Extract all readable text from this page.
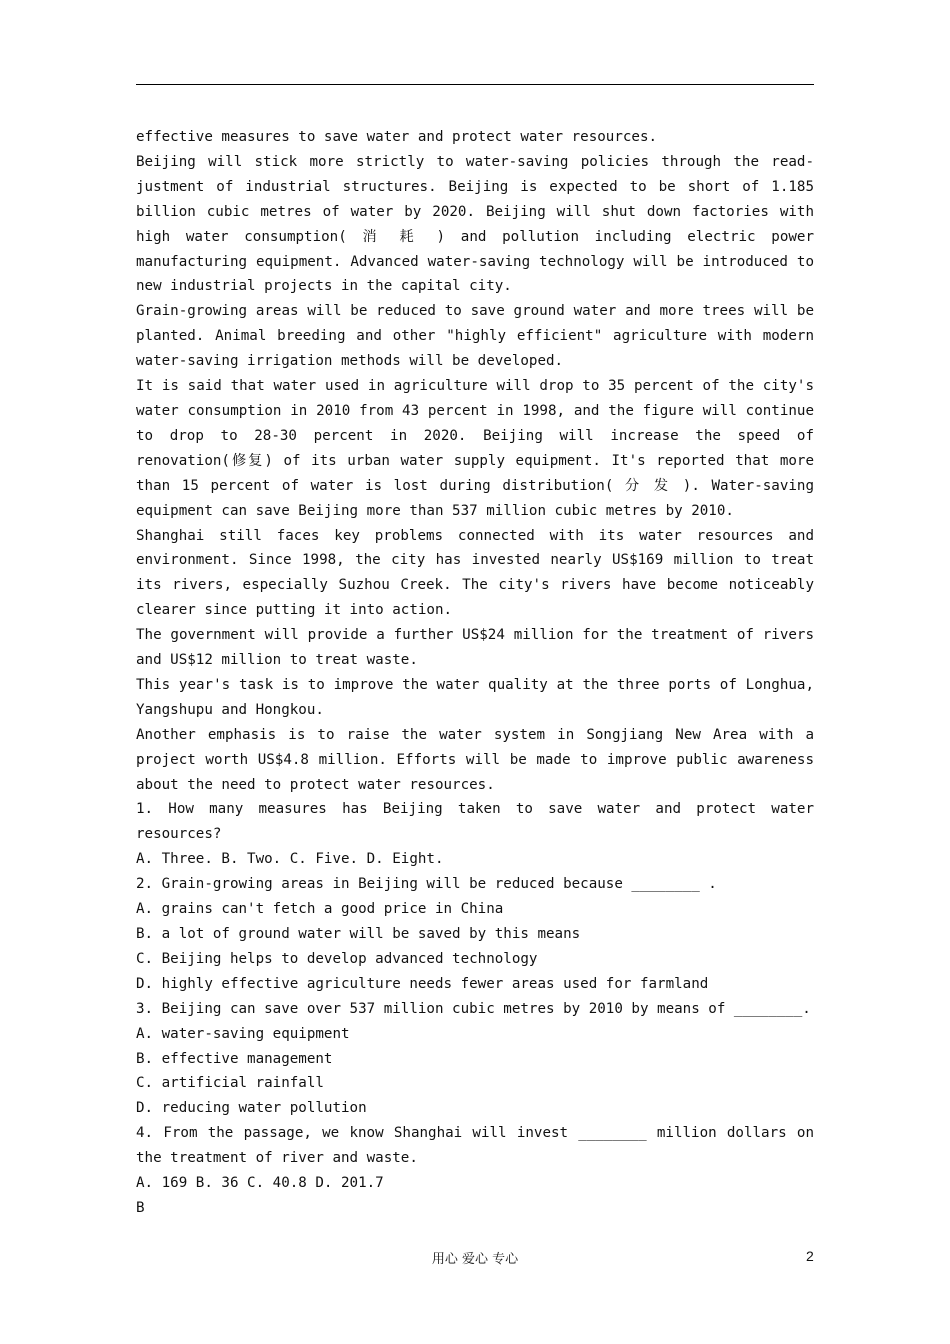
effective measures to save water and protect water resources.

Beijing will stick more strictly to water-saving policies through the read-

justment of industrial structures. Beijing is expected to be short of 1.185

billion cubic metres of water by 2020. Beijing will shut down factories with

high water consumption( 消 耗 ) and pollution including electric power

manufacturing equipment. Advanced water-saving technology will be introduced to

new industrial projects in the capital city.

Grain-growing areas will be reduced to save ground water and more trees will be

planted. Animal breeding and other "highly efficient" agriculture with modern

water-saving irrigation methods will be developed.

It is said that water used in agriculture will drop to 35 percent of the city's

water consumption in 2010 from 43 percent in 1998, and the figure will continue

to drop to 28-30 percent in 2020. Beijing will increase the speed of

renovation(修复) of its urban water supply equipment. It's reported that more

than 15 percent of water is lost during distribution( 分 发 ). Water-saving

equipment can save Beijing more than 537 million cubic metres by 2010.

Shanghai still faces key problems connected with its water resources and

environment. Since 1998, the city has invested nearly US$169 million to treat

its rivers, especially Suzhou Creek. The city's rivers have become noticeably

clearer since putting it into action.

The government will provide a further US$24 million for the treatment of rivers

and US$12 million to treat waste.

This year's task is to improve the water quality at the three ports of Longhua,

Yangshupu and Hongkou.

Another emphasis is to raise the water system in Songjiang New Area with a

project worth US$4.8 million. Efforts will be made to improve public awareness

about the need to protect water resources.

1. How many measures has Beijing taken to save water and protect water

resources?

A. Three. B. Two. C. Five. D. Eight.

2. Grain-growing areas in Beijing will be reduced because ________ .

A. grains can't fetch a good price in China

B. a lot of ground water will be saved by this means

C. Beijing helps to develop advanced technology

D. highly effective agriculture needs fewer areas used for farmland

3. Beijing can save over 537 million cubic metres by 2010 by means of ________.

A. water-saving equipment

B. effective management

C. artificial rainfall

D. reducing water pollution

4. From the passage, we know Shanghai will invest ________ million dollars on

the treatment of river and waste.

A. 169 B. 36 C. 40.8 D. 201.7

B

用心 爱心 专心	2
